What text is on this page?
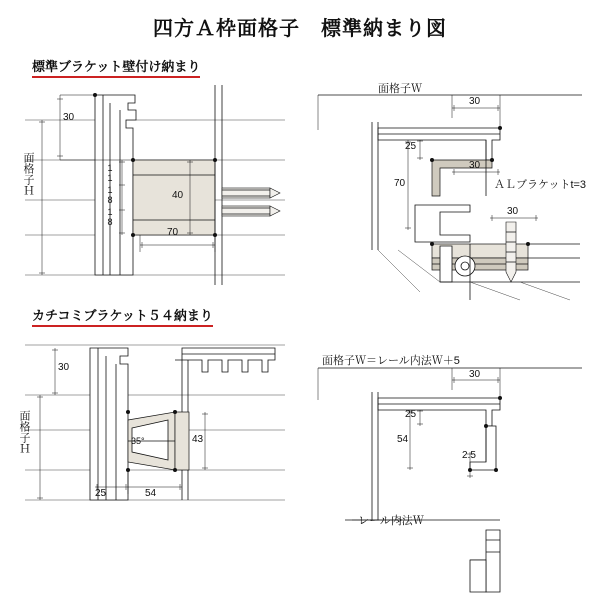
四方Ａ枠面格子　標準納まり図
標準ブラケット壁付け納まり
カチコミブラケット５４納まり
面格子Ｈ
30
11
18
18
40
70
面格子Ｈ
30
35°	43
25	54
面格子Ｗ
ＡＬブラケットt=3
30
25
30
70
30
面格子Ｗ＝レール内法Ｗ＋5
レール内法Ｗ
30
25
54
2.5
